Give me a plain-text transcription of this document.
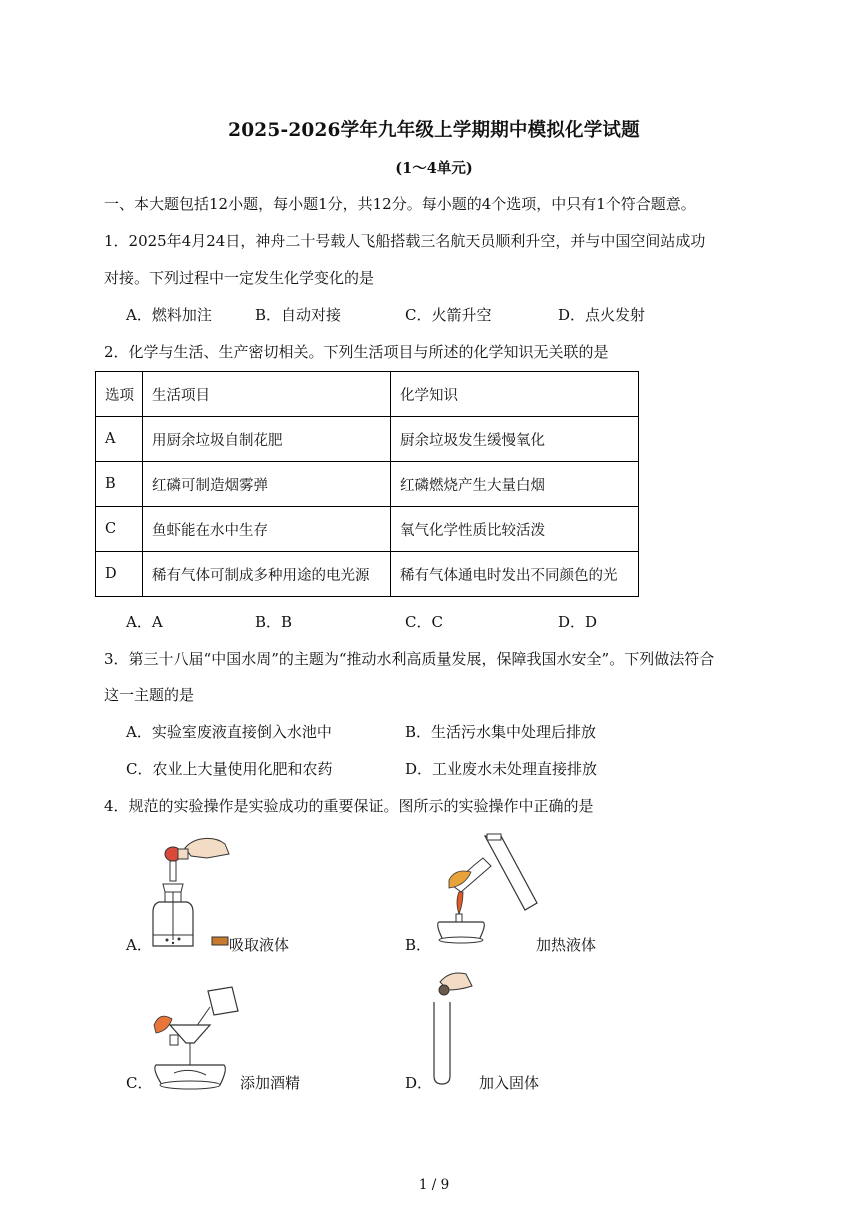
2025-2026学年九年级上学期期中模拟化学试题
(1～4单元)
一、本大题包括12小题，每小题1分，共12分。每小题的4个选项，中只有1个符合题意。
1．2025年4月24日，神舟二十号载人飞船搭载三名航天员顺利升空，并与中国空间站成功
对接。下列过程中一定发生化学变化的是
A．燃料加注	B．自动对接	C．火箭升空	D．点火发射
2．化学与生活、生产密切相关。下列生活项目与所述的化学知识无关联的是
选项	生活项目	化学知识
A	用厨余垃圾自制花肥	厨余垃圾发生缓慢氧化
B	红磷可制造烟雾弹	红磷燃烧产生大量白烟
C	鱼虾能在水中生存	氧气化学性质比较活泼
D	稀有气体可制成多种用途的电光源	稀有气体通电时发出不同颜色的光
A．A	B．B	C．C	D．D
3．第三十八届“中国水周”的主题为“推动水利高质量发展，保障我国水安全”。下列做法符合
这一主题的是
A．实验室废液直接倒入水池中	B．生活污水集中处理后排放
C．农业上大量使用化肥和农药	D．工业废水未处理直接排放
4．规范的实验操作是实验成功的重要保证。图所示的实验操作中正确的是
A．	吸取液体	B．	加热液体
C．	添加酒精	D．	加入固体
1 / 9
